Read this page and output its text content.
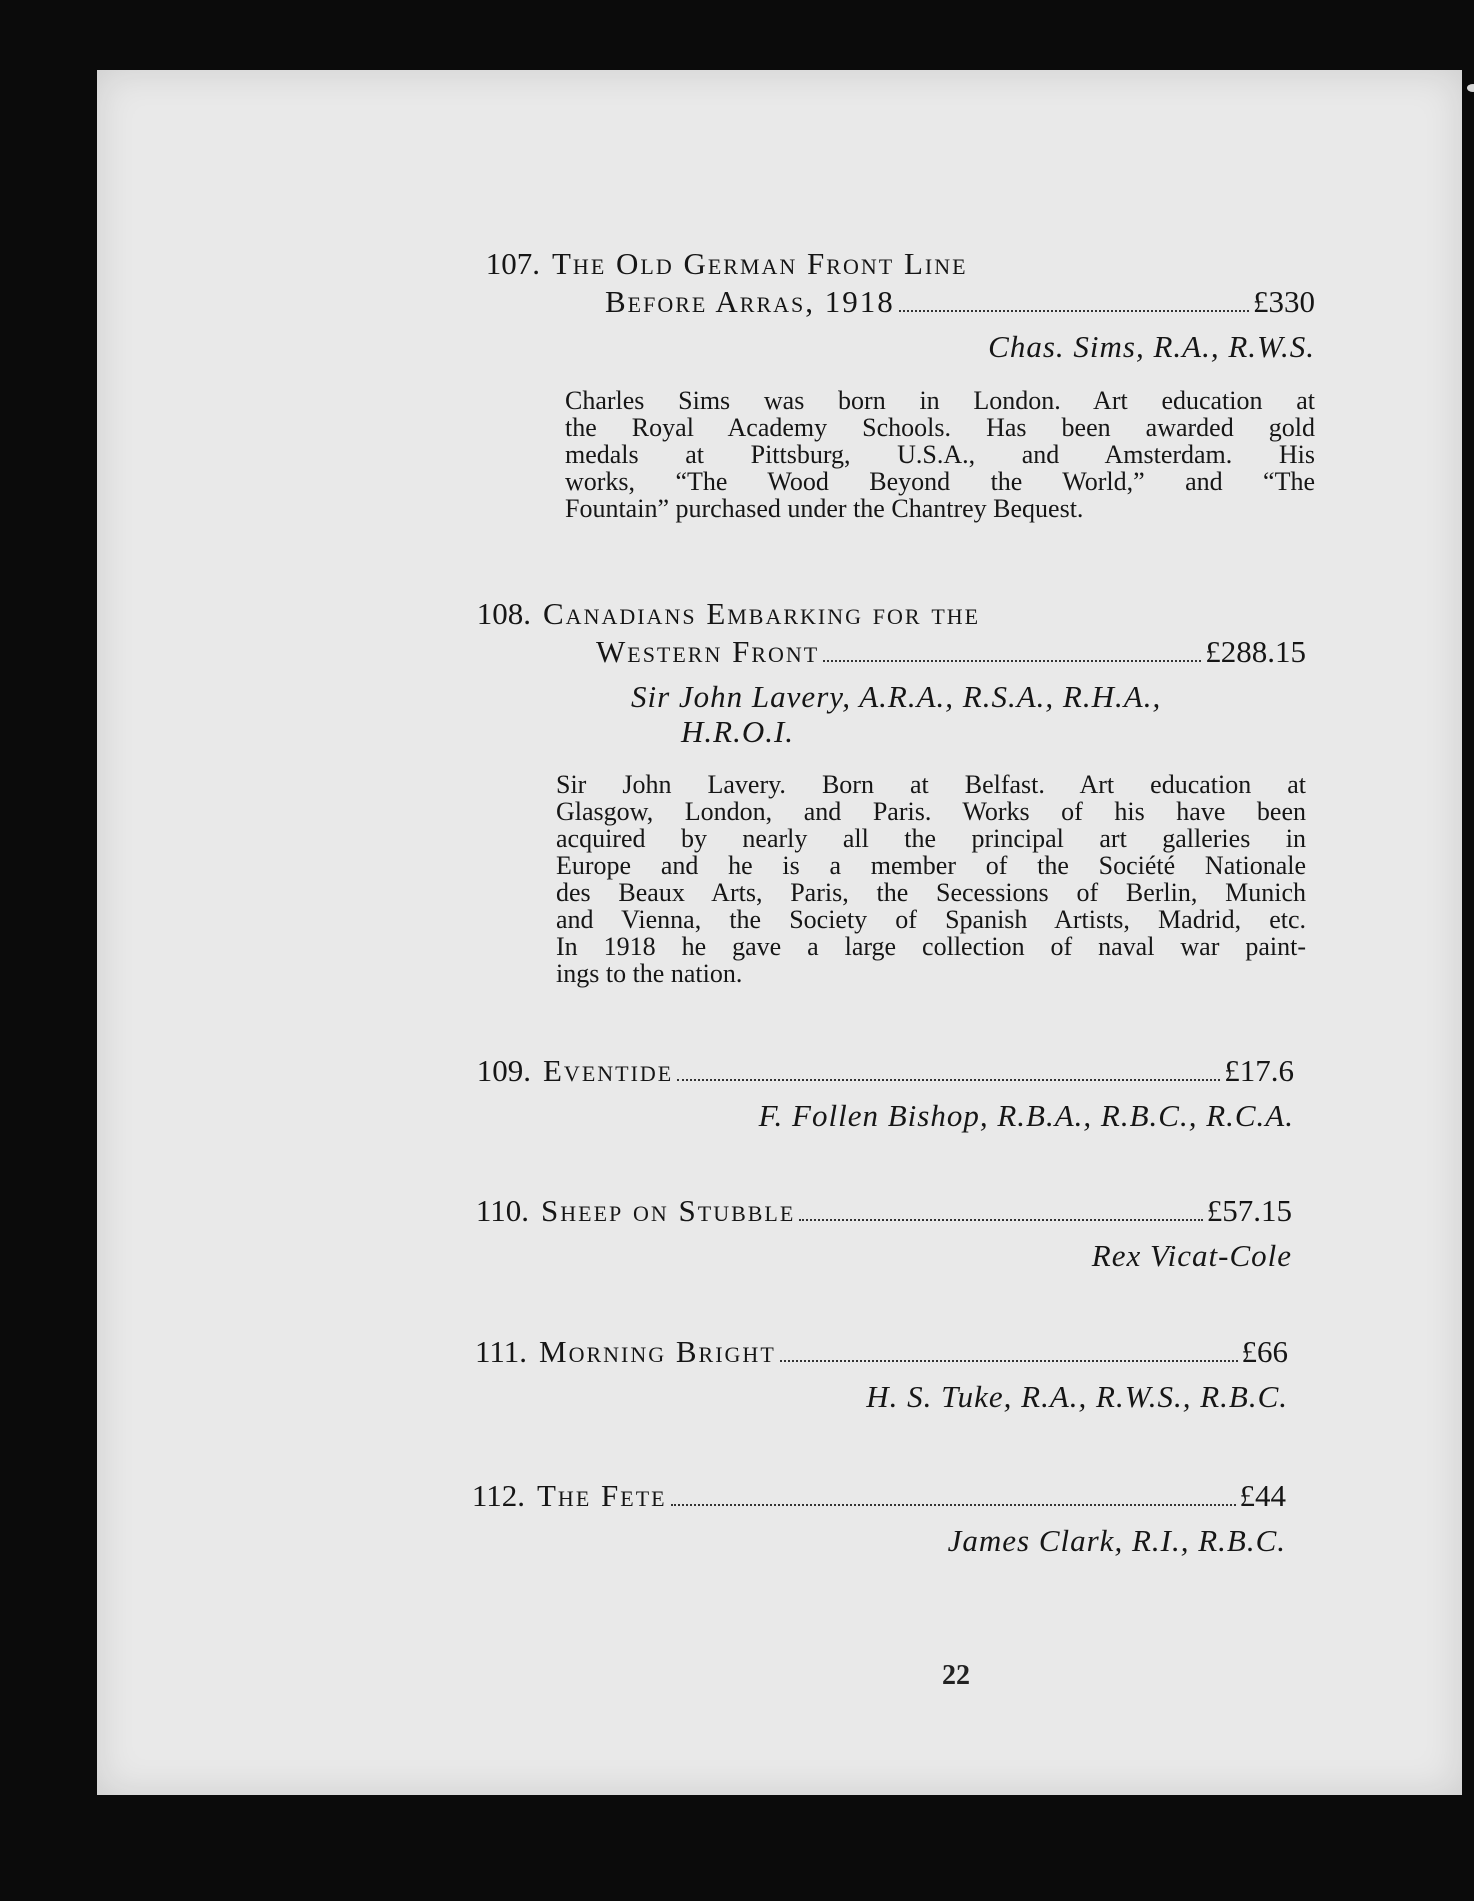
107. The Old German Front Line
Before Arras, 1918	£330
Chas. Sims, R.A., R.W.S.
Charles Sims was born in London. Art education at
the Royal Academy Schools. Has been awarded gold
medals at Pittsburg, U.S.A., and Amsterdam. His
works, “The Wood Beyond the World,” and “The
Fountain” purchased under the Chantrey Bequest.
108. Canadians Embarking for the
Western Front	£288.15
Sir John Lavery, A.R.A., R.S.A., R.H.A.,
H.R.O.I.
Sir John Lavery. Born at Belfast. Art education at
Glasgow, London, and Paris. Works of his have been
acquired by nearly all the principal art galleries in
Europe and he is a member of the Société Nationale
des Beaux Arts, Paris, the Secessions of Berlin, Munich
and Vienna, the Society of Spanish Artists, Madrid, etc.
In 1918 he gave a large collection of naval war paint-
ings to the nation.
109. Eventide	£17.6
F. Follen Bishop, R.B.A., R.B.C., R.C.A.
110. Sheep on Stubble	£57.15
Rex Vicat-Cole
111. Morning Bright	£66
H. S. Tuke, R.A., R.W.S., R.B.C.
112. The Fete	£44
James Clark, R.I., R.B.C.
22
